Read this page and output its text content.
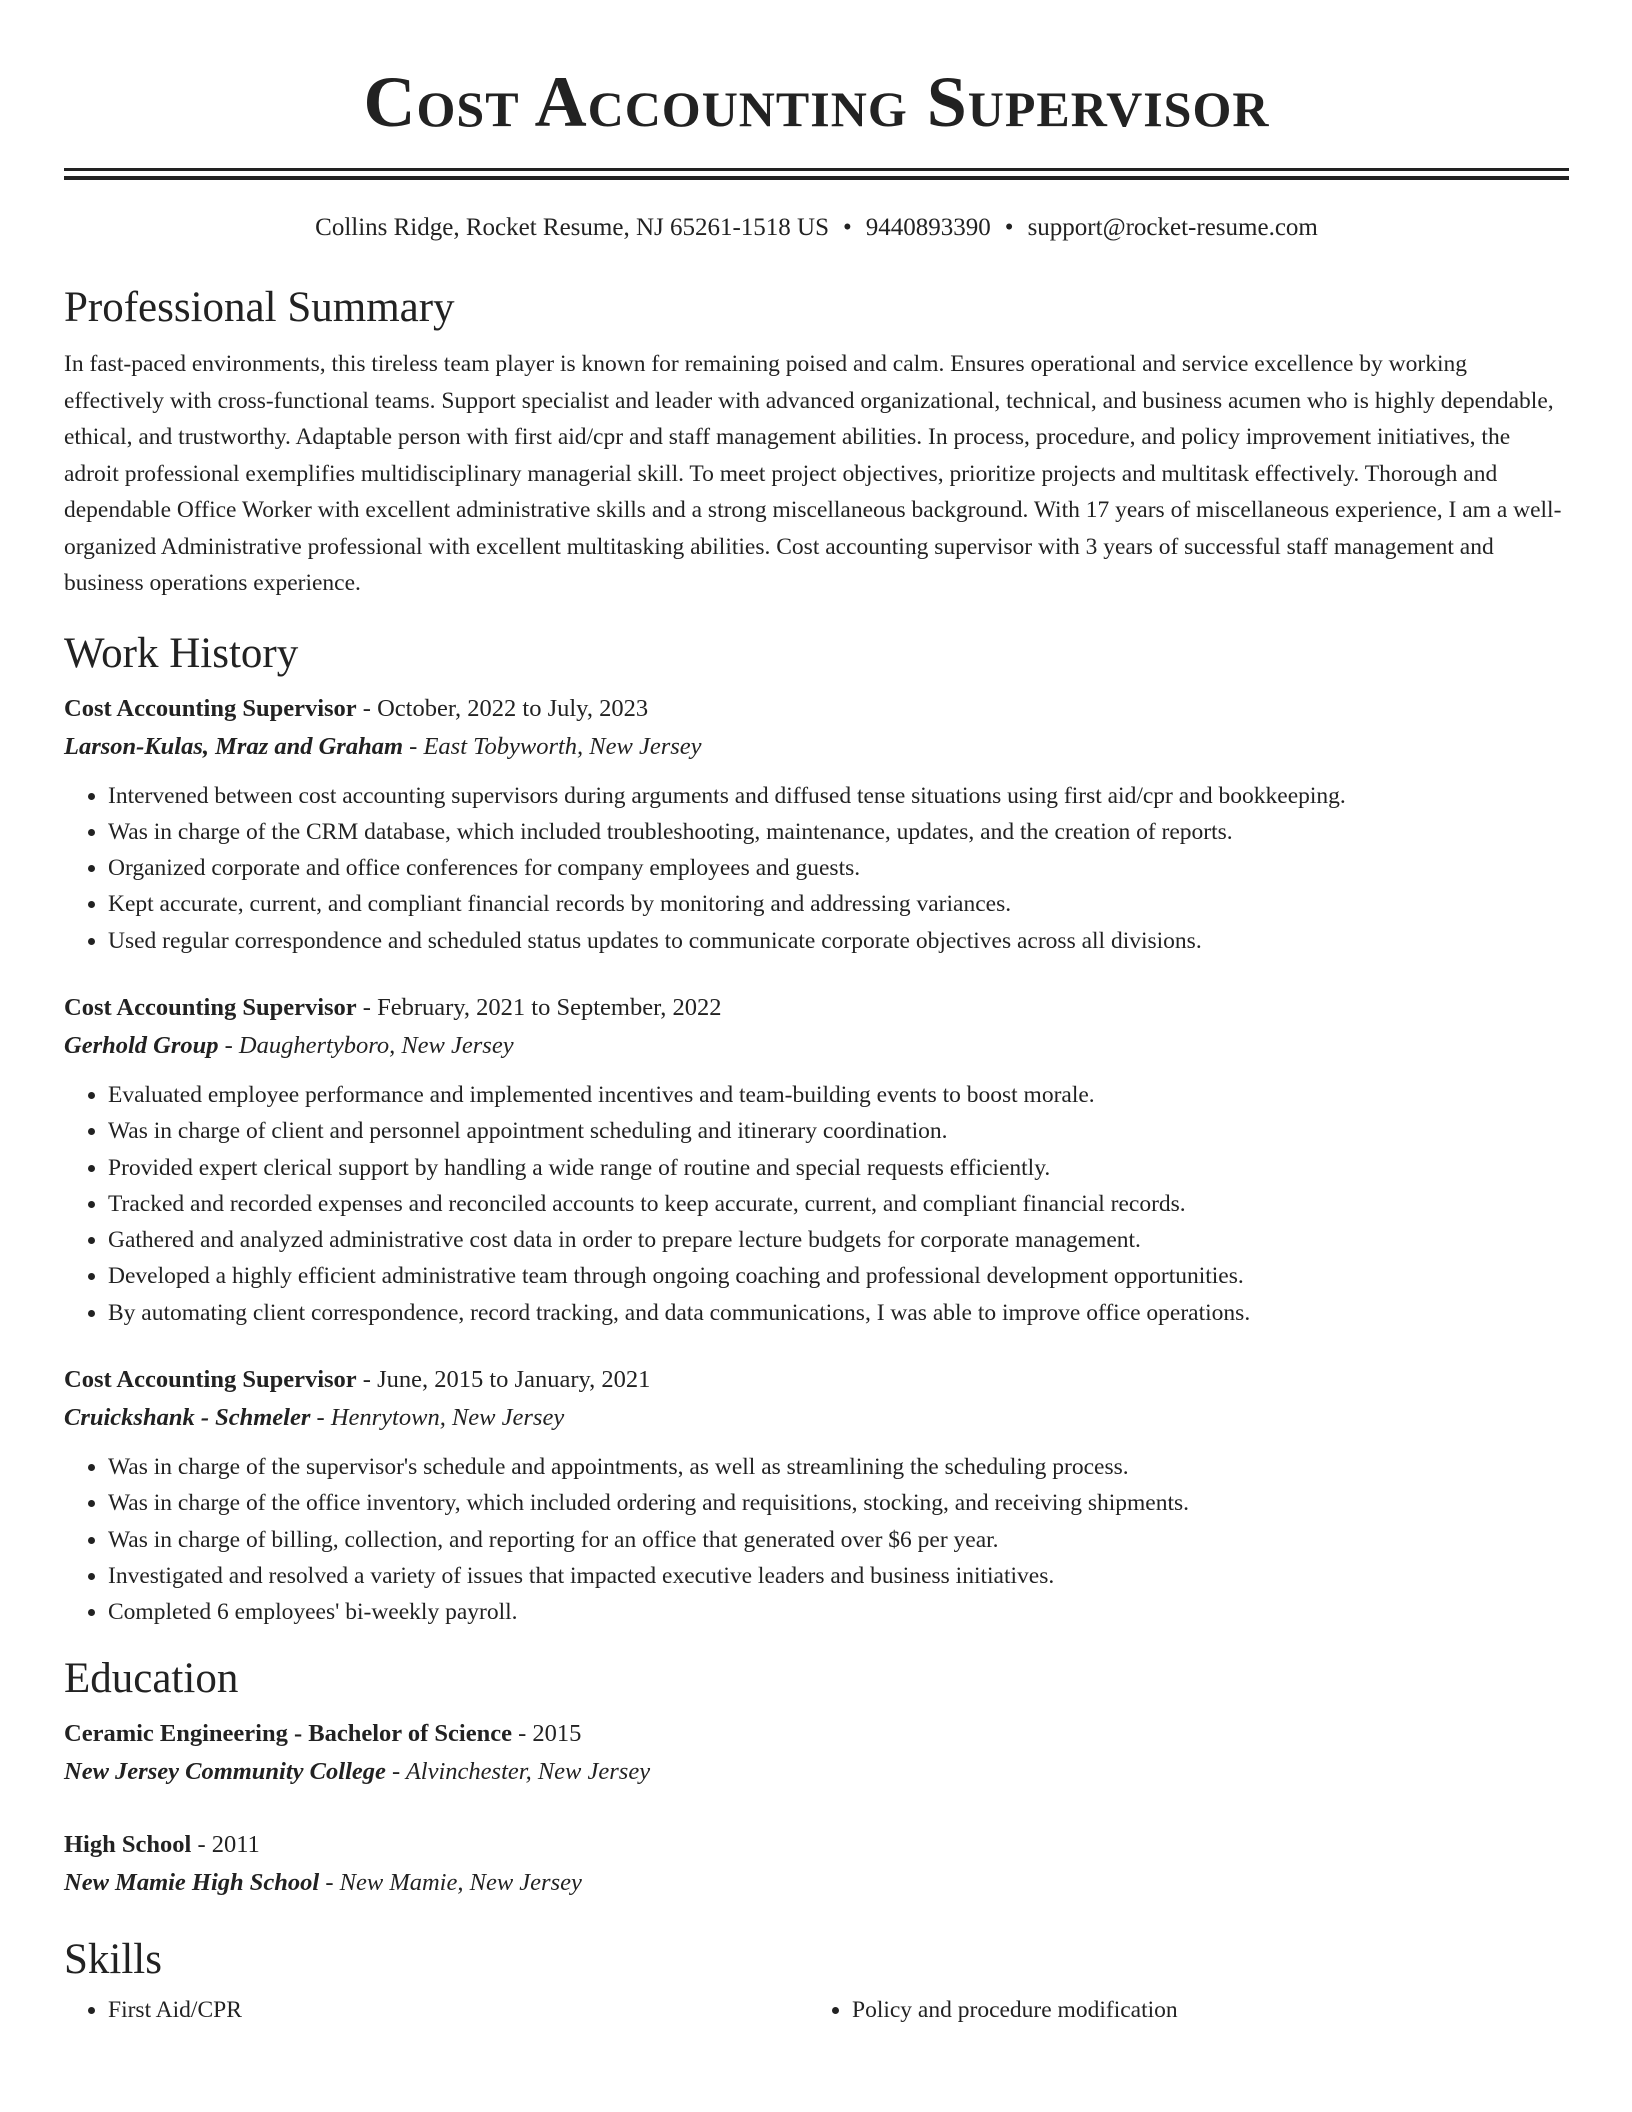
Cost Accounting Supervisor
Collins Ridge, Rocket Resume, NJ 65261-1518 US • 9440893390 • support@rocket-resume.com
Professional Summary

In fast-paced environments, this tireless team player is known for remaining poised and calm. Ensures operational and service excellence by working effectively with cross-functional teams. Support specialist and leader with advanced organizational, technical, and business acumen who is highly dependable, ethical, and trustworthy. Adaptable person with first aid/cpr and staff management abilities. In process, procedure, and policy improvement initiatives, the adroit professional exemplifies multidisciplinary managerial skill. To meet project objectives, prioritize projects and multitask effectively. Thorough and dependable Office Worker with excellent administrative skills and a strong miscellaneous background. With 17 years of miscellaneous experience, I am a well-organized Administrative professional with excellent multitasking abilities. Cost accounting supervisor with 3 years of successful staff management and business operations experience.

Work History
Cost Accounting Supervisor - October, 2022 to July, 2023
Larson-Kulas, Mraz and Graham - East Tobyworth, New Jersey
• Intervened between cost accounting supervisors during arguments and diffused tense situations using first aid/cpr and bookkeeping.
• Was in charge of the CRM database, which included troubleshooting, maintenance, updates, and the creation of reports.
• Organized corporate and office conferences for company employees and guests.
• Kept accurate, current, and compliant financial records by monitoring and addressing variances.
• Used regular correspondence and scheduled status updates to communicate corporate objectives across all divisions.
Cost Accounting Supervisor - February, 2021 to September, 2022
Gerhold Group - Daughertyboro, New Jersey
• Evaluated employee performance and implemented incentives and team-building events to boost morale.
• Was in charge of client and personnel appointment scheduling and itinerary coordination.
• Provided expert clerical support by handling a wide range of routine and special requests efficiently.
• Tracked and recorded expenses and reconciled accounts to keep accurate, current, and compliant financial records.
• Gathered and analyzed administrative cost data in order to prepare lecture budgets for corporate management.
• Developed a highly efficient administrative team through ongoing coaching and professional development opportunities.
• By automating client correspondence, record tracking, and data communications, I was able to improve office operations.
Cost Accounting Supervisor - June, 2015 to January, 2021
Cruickshank - Schmeler - Henrytown, New Jersey
• Was in charge of the supervisor's schedule and appointments, as well as streamlining the scheduling process.
• Was in charge of the office inventory, which included ordering and requisitions, stocking, and receiving shipments.
• Was in charge of billing, collection, and reporting for an office that generated over $6 per year.
• Investigated and resolved a variety of issues that impacted executive leaders and business initiatives.
• Completed 6 employees' bi-weekly payroll.
Education
Ceramic Engineering - Bachelor of Science - 2015
New Jersey Community College - Alvinchester, New Jersey
High School - 2011
New Mamie High School - New Mamie, New Jersey
Skills
• First Aid/CPR
•	Policy and procedure modification
